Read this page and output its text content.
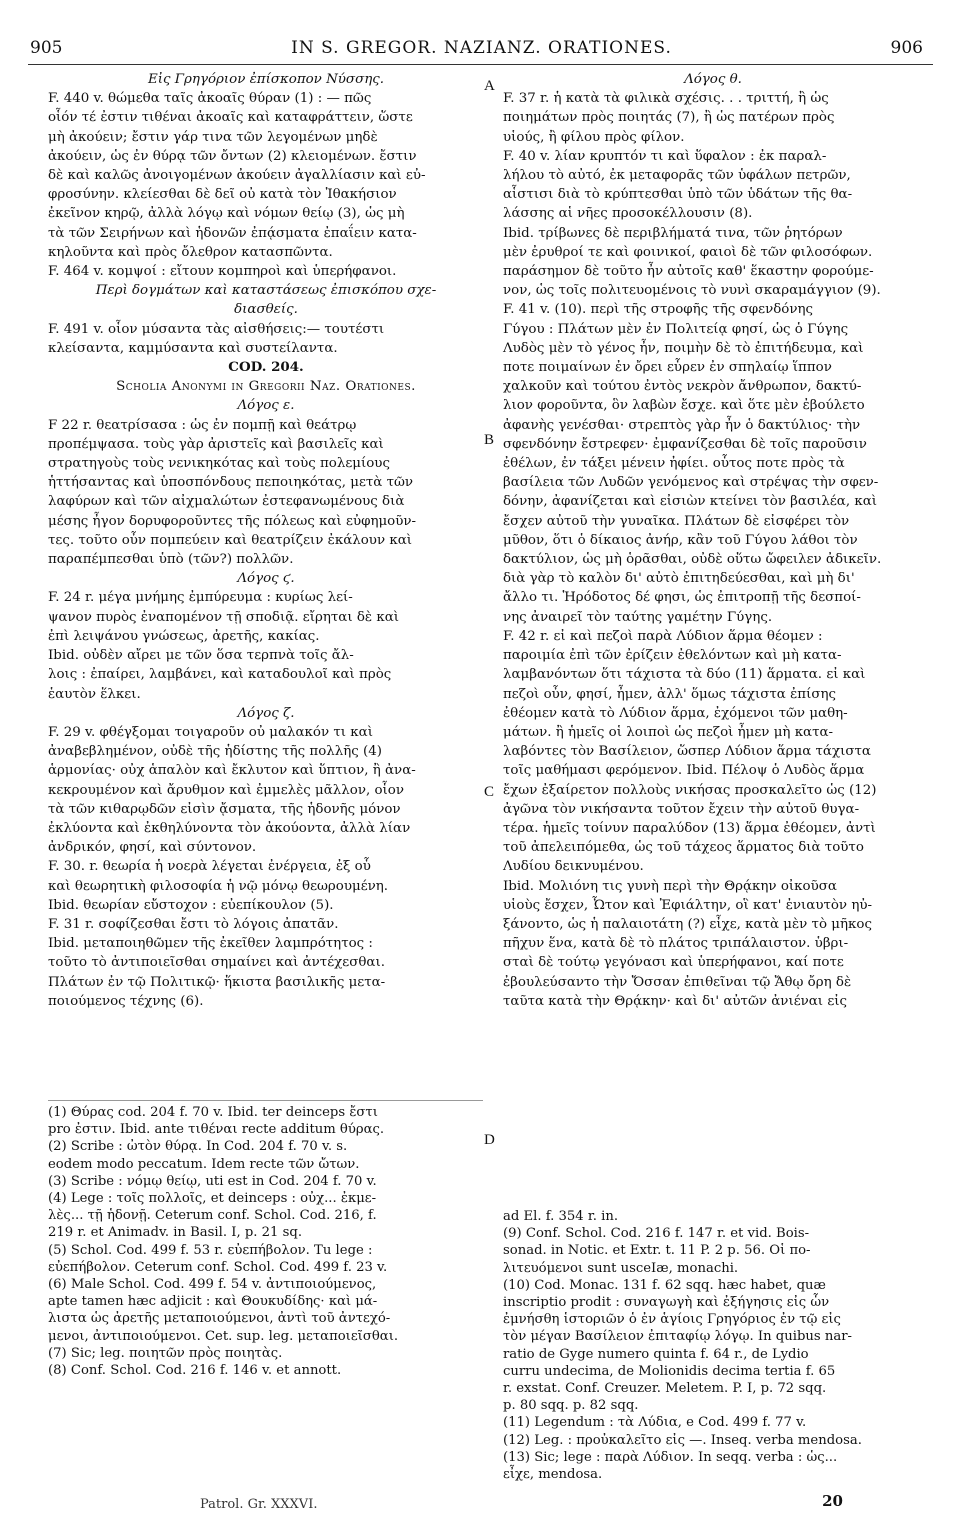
905	IN S. GREGOR. NAZIANZ. ORATIONES.	906
A
B
C
D

Εἰς Γρηγόριον ἐπίσκοπον Νύσσης.

F. 440 v. θώμεθα ταῖς ἀκοαῖς θύραν (1) : — πῶς

οἷόν τέ ἐστιν τιθέναι ἀκοαῖς καὶ καταφράττειν, ὥστε

μὴ ἀκούειν; ἔστιν γάρ τινα τῶν λεγομένων μηδὲ

ἀκούειν, ὡς ἐν θύρᾳ τῶν ὄντων (2) κλειομένων. ἔστιν

δὲ καὶ καλῶς ἀνοιγομένων ἀκούειν ἀγαλλίασιν καὶ εὐ-

φροσύνην. κλείεσθαι δὲ δεῖ οὐ κατὰ τὸν Ἰθακήσιον

ἐκεῖνον κηρῷ, ἀλλὰ λόγῳ καὶ νόμων θείῳ (3), ὡς μὴ

τὰ τῶν Σειρήνων καὶ ἡδονῶν ἐπᾴσματα ἐπαΐειν κατα-

κηλοῦντα καὶ πρὸς ὄλεθρον κατασπῶντα.

F. 464 v. κομψοί : εἴτουν κομπηροὶ καὶ ὑπερήφανοι.

Περὶ δογμάτων καὶ καταστάσεως ἐπισκόπου σχε-

διασθείς.

F. 491 v. οἷον μύσαντα τὰς αἰσθήσεις:— τουτέστι

κλείσαντα, καμμύσαντα καὶ συστείλαντα.

COD. 204.

Scholia Anonymi in Gregorii Naz. Orationes.

Λόγος ε.

F 22 r. θεατρίσασα : ὡς ἐν πομπῇ καὶ θεάτρῳ

προπέμψασα. τοὺς γὰρ ἀριστεῖς καὶ βασιλεῖς καὶ

στρατηγοὺς τοὺς νενικηκότας καὶ τοὺς πολεμίους

ἡττήσαντας καὶ ὑποσπόνδους πεποιηκότας, μετὰ τῶν

λαφύρων καὶ τῶν αἰχμαλώτων ἐστεφανωμένους διὰ

μέσης ἦγον δορυφοροῦντες τῆς πόλεως καὶ εὐφημοῦν-

τες. τοῦτο οὖν πομπεύειν καὶ θεατρίζειν ἐκάλουν καὶ

παραπέμπεσθαι ὑπὸ (τῶν?) πολλῶν.

Λόγος ϛ.

F. 24 r. μέγα μνήμης ἐμπύρευμα : κυρίως λεί-

ψανον πυρὸς ἐναπομένον τῇ σποδιᾷ. εἴρηται δὲ καὶ

ἐπὶ λειψάνου γνώσεως, ἀρετῆς, κακίας.

Ibid. οὐδὲν αἴρει με τῶν ὅσα τερπνὰ τοῖς ἄλ-

λοις : ἐπαίρει, λαμβάνει, καὶ καταδουλοῖ καὶ πρὸς

ἑαυτὸν ἕλκει.

Λόγος ζ.

F. 29 v. φθέγξομαι τοιγαροῦν οὐ μαλακόν τι καὶ

ἀναβεβλημένον, οὐδὲ τῆς ἡδίστης τῆς πολλῆς (4)

ἁρμονίας· οὐχ ἁπαλὸν καὶ ἔκλυτον καὶ ὕπτιον, ἢ ἀνα-

κεκρουμένον καὶ ἄρυθμον καὶ ἐμμελὲς μᾶλλον, οἷον

τὰ τῶν κιθαρῳδῶν εἰσὶν ᾄσματα, τῆς ἡδονῆς μόνον

ἐκλύοντα καὶ ἐκθηλύνοντα τὸν ἀκούοντα, ἀλλὰ λίαν

ἀνδρικόν, φησί, καὶ σύντονον.

F. 30. r. θεωρία ἡ νοερὰ λέγεται ἐνέργεια, ἐξ οὗ

καὶ θεωρητικὴ φιλοσοφία ἡ νῷ μόνῳ θεωρουμένη.

Ibid. θεωρίαν εὔστοχον : εὐεπίκουλον (5).

F. 31 r. σοφίζεσθαι ἔστι τὸ λόγοις ἀπατᾶν.

Ibid. μεταποιηθῶμεν τῆς ἐκεῖθεν λαμπρότητος :

τοῦτο τὸ ἀντιποιεῖσθαι σημαίνει καὶ ἀντέχεσθαι.

Πλάτων ἐν τῷ Πολιτικῷ· ἥκιστα βασιλικῆς μετα-

ποιούμενος τέχνης (6).

(1) Θύρας cod. 204 f. 70 v. Ibid. ter deinceps ἔστι

pro ἐστιν. Ibid. ante τιθέναι recte additum θύρας.

(2) Scribe : ὠτὸν θύρᾳ. In Cod. 204 f. 70 v. s.

eodem modo peccatum. Idem recte τῶν ὤτων.

(3) Scribe : νόμῳ θείῳ, uti est in Cod. 204 f. 70 v.

(4) Lege : τοῖς πολλοῖς, et deinceps : οὐχ... ἐκμε-

λὲς... τῇ ἡδονῇ. Ceterum conf. Schol. Cod. 216, f.

219 r. et Animadv. in Basil. I, p. 21 sq.

(5) Schol. Cod. 499 f. 53 r. εὐεπήβολον. Tu lege :

εὐεπήβολον. Ceterum conf. Schol. Cod. 499 f. 23 v.

(6) Male Schol. Cod. 499 f. 54 v. ἀντιποιούμενος,

apte tamen hæc adjicit : καὶ Θουκυδίδης· καὶ μά-

λιστα ὡς ἀρετῆς μεταποιούμενοι, ἀντὶ τοῦ ἀντεχό-

μενοι, ἀντιποιούμενοι. Cet. sup. leg. μεταποιεῖσθαι.

(7) Sic; leg. ποιητῶν πρὸς ποιητὰς.

(8) Conf. Schol. Cod. 216 f. 146 v. et annott.

Λόγος θ.

F. 37 r. ἡ κατὰ τὰ φιλικὰ σχέσις. . . τριττή, ἢ ὡς

ποιημάτων πρὸς ποιητάς (7), ἢ ὡς πατέρων πρὸς

υἱούς, ἢ φίλου πρὸς φίλον.

F. 40 v. λίαν κρυπτόν τι καὶ ὕφαλον : ἐκ παραλ-

λήλου τὸ αὐτό, ἐκ μεταφορᾶς τῶν ὑφάλων πετρῶν,

αἷστισι διὰ τὸ κρύπτεσθαι ὑπὸ τῶν ὑδάτων τῆς θα-

λάσσης αἱ νῆες προσοκέλλουσιν (8).

Ibid. τρίβωνες δὲ περιβλήματά τινα, τῶν ῥητόρων

μὲν ἐρυθροί τε καὶ φοινικοί, φαιοὶ δὲ τῶν φιλοσόφων.

παράσημον δὲ τοῦτο ἦν αὐτοῖς καθ' ἕκαστην φορούμε-

νον, ὡς τοῖς πολιτευομένοις τὸ νυνὶ σκαραμάγγιον (9).

F. 41 v. (10). περὶ τῆς στροφῆς τῆς σφενδόνης

Γύγου : Πλάτων μὲν ἐν Πολιτείᾳ φησί, ὡς ὁ Γύγης

Λυδὸς μὲν τὸ γένος ἦν, ποιμὴν δὲ τὸ ἐπιτήδευμα, καὶ

ποτε ποιμαίνων ἐν ὄρει εὗρεν ἐν σπηλαίῳ ἵππον

χαλκοῦν καὶ τούτου ἐντὸς νεκρὸν ἄνθρωπον, δακτύ-

λιον φοροῦντα, ὃν λαβὼν ἔσχε. καὶ ὅτε μὲν ἐβούλετο

ἀφανὴς γενέσθαι· στρεπτὸς γὰρ ἦν ὁ δακτύλιος· τὴν

σφενδόνην ἔστρεφεν· ἐμφανίζεσθαι δὲ τοῖς παροῦσιν

ἐθέλων, ἐν τάξει μένειν ἠφίει. οὗτος ποτε πρὸς τὰ

βασίλεια τῶν Λυδῶν γενόμενος καὶ στρέψας τὴν σφεν-

δόνην, ἀφανίζεται καὶ εἰσιὼν κτείνει τὸν βασιλέα, καὶ

ἔσχεν αὐτοῦ τὴν γυναῖκα. Πλάτων δὲ εἰσφέρει τὸν

μῦθον, ὅτι ὁ δίκαιος ἀνήρ, κἂν τοῦ Γύγου λάθοι τὸν

δακτύλιον, ὡς μὴ ὁρᾶσθαι, οὐδὲ οὕτω ὤφειλεν ἀδικεῖν.

διὰ γὰρ τὸ καλὸν δι' αὐτὸ ἐπιτηδεύεσθαι, καὶ μὴ δι'

ἄλλο τι. Ἡρόδοτος δέ φησι, ὡς ἐπιτροπῇ τῆς δεσποί-

νης ἀναιρεῖ τὸν ταύτης γαμέτην Γύγης.

F. 42 r. εἰ καὶ πεζοὶ παρὰ Λύδιον ἅρμα θέομεν :

παροιμία ἐπὶ τῶν ἐρίζειν ἐθελόντων καὶ μὴ κατα-

λαμβανόντων ὅτι τάχιστα τὰ δύο (11) ἅρματα. εἰ καὶ

πεζοὶ οὖν, φησί, ἦμεν, ἀλλ' ὅμως τάχιστα ἐπίσης

ἐθέομεν κατὰ τὸ Λύδιον ἅρμα, ἐχόμενοι τῶν μαθη-

μάτων. ἢ ἡμεῖς οἱ λοιποὶ ὡς πεζοὶ ἦμεν μὴ κατα-

λαβόντες τὸν Βασίλειον, ὥσπερ Λύδιον ἅρμα τάχιστα

τοῖς μαθήμασι φερόμενον. Ibid. Πέλοψ ὁ Λυδὸς ἅρμα

ἔχων ἐξαίρετον πολλοὺς νικήσας προσκαλεῖτο ὡς (12)

ἀγῶνα τὸν νικήσαντα τοῦτον ἔχειν τὴν αὐτοῦ θυγα-

τέρα. ἡμεῖς τοίνυν παραλύδον (13) ἅρμα ἐθέομεν, ἀντὶ

τοῦ ἀπελειπόμεθα, ὡς τοῦ τάχεος ἅρματος διὰ τοῦτο

Λυδίου δεικνυμένου.

Ibid. Μολιόνη τις γυνὴ περὶ τὴν Θρᾴκην οἰκοῦσα

υἱοὺς ἔσχεν, Ὦτον καὶ Ἐφιάλτην, οἳ κατ' ἐνιαυτὸν ηὐ-

ξάνοντο, ὡς ἡ παλαιοτάτη (?) εἶχε, κατὰ μὲν τὸ μῆκος

πῆχυν ἕνα, κατὰ δὲ τὸ πλάτος τριπάλαιστον. ὑβρι-

σταὶ δὲ τούτῳ γεγόνασι καὶ ὑπερήφανοι, καί ποτε

ἐβουλεύσαντο τὴν Ὄσσαν ἐπιθεῖναι τῷ Ἄθῳ ὄρη δὲ

ταῦτα κατὰ τὴν Θρᾴκην· καὶ δι' αὐτῶν ἀνιέναι εἰς

ad El. f. 354 r. in.

(9) Conf. Schol. Cod. 216 f. 147 r. et vid. Bois-

sonad. in Notic. et Extr. t. 11 P. 2 p. 56. Οἱ πο-

λιτευόμενοι sunt usceIæ, monachi.

(10) Cod. Monac. 131 f. 62 sqq. hæc habet, quæ

inscriptio prodit : συναγωγὴ καὶ ἐξήγησις εἰς ὧν

ἐμνήσθη ἱστοριῶν ὁ ἐν ἁγίοις Γρηγόριος ἐν τῷ εἰς

τὸν μέγαν Βασίλειον ἐπιταφίῳ λόγῳ. In quibus nar-

ratio de Gyge numero quinta f. 64 r., de Lydio

curru undecima, de Molionidis decima tertia f. 65

r. exstat. Conf. Creuzer. Meletem. P. I, p. 72 sqq.

p. 80 sqq. p. 82 sqq.

(11) Legendum : τὰ Λύδια, e Cod. 499 f. 77 v.

(12) Leg. : προὐκαλεῖτο εἰς —. Inseq. verba mendosa.

(13) Sic; lege : παρὰ Λύδιον. In seqq. verba : ὡς...

εἶχε, mendosa.

Patrol. Gr. XXXVI.	20
